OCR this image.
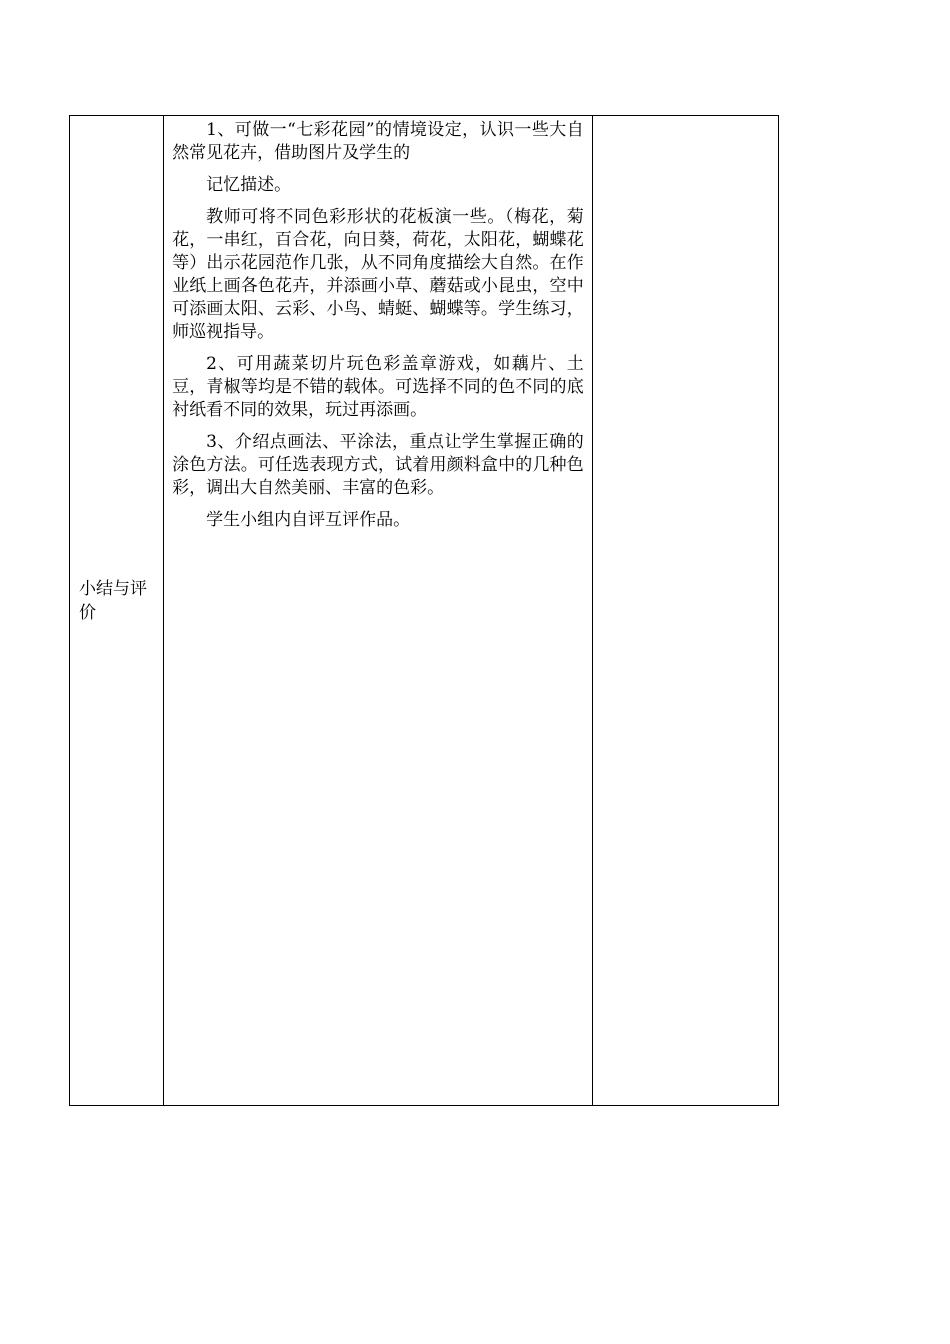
小结与评价

1、可做一“七彩花园”的情境设定，认识一些大自然常见花卉，借助图片及学生的

记忆描述。

教师可将不同色彩形状的花板演一些。（梅花，菊花，一串红，百合花，向日葵，荷花，太阳花，蝴蝶花等）出示花园范作几张，从不同角度描绘大自然。在作业纸上画各色花卉，并添画小草、蘑菇或小昆虫，空中可添画太阳、云彩、小鸟、蜻蜓、蝴蝶等。学生练习，师巡视指导。

2、可用蔬菜切片玩色彩盖章游戏，如藕片、土豆，青椒等均是不错的载体。可选择不同的色不同的底衬纸看不同的效果，玩过再添画。

3、介绍点画法、平涂法，重点让学生掌握正确的涂色方法。可任选表现方式，试着用颜料盒中的几种色彩，调出大自然美丽、丰富的色彩。

学生小组内自评互评作品。
